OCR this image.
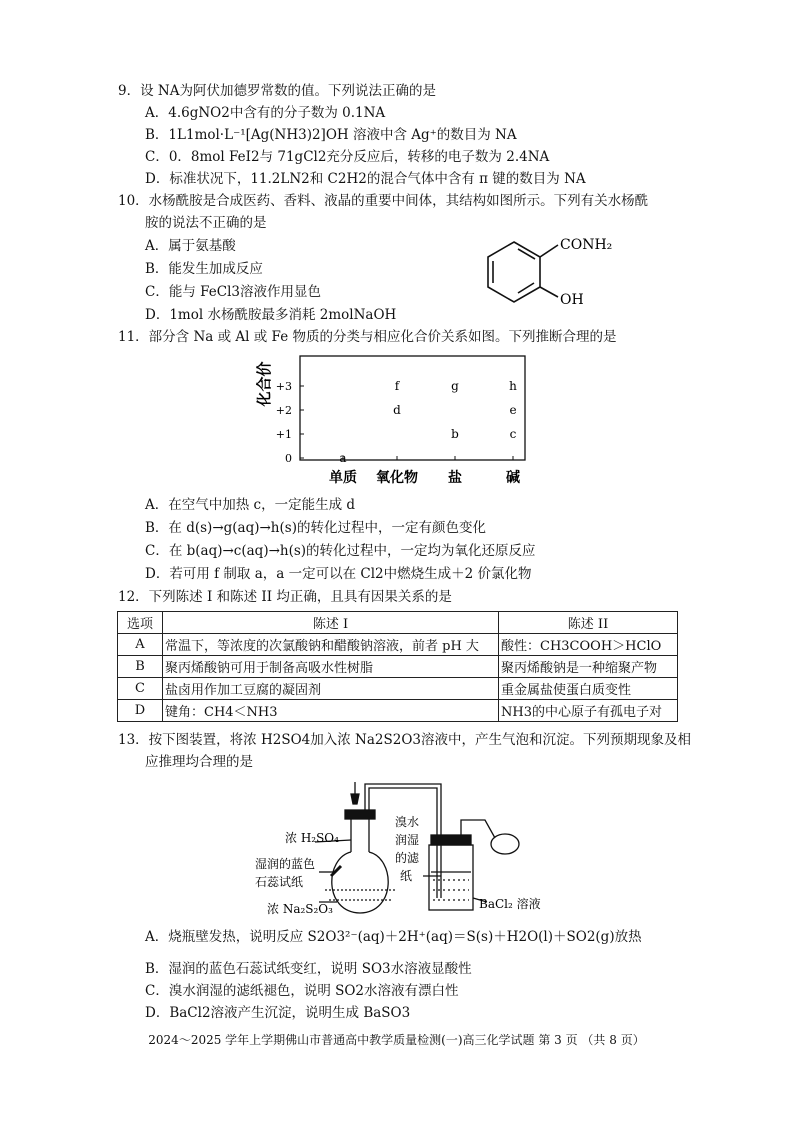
9．设 NA为阿伏加德罗常数的值。下列说法正确的是
A．4.6gNO2中含有的分子数为 0.1NA
B．1L1mol·L⁻¹[Ag(NH3)2]OH 溶液中含 Ag⁺的数目为 NA
C．0．8mol FeI2与 71gCl2充分反应后，转移的电子数为 2.4NA
D．标准状况下，11.2LN2和 C2H2的混合气体中含有 π 键的数目为 NA
10．水杨酰胺是合成医药、香料、液晶的重要中间体，其结构如图所示。下列有关水杨酰
胺的说法不正确的是
A．属于氨基酸
B．能发生加成反应
C．能与 FeCl3溶液作用显色
D．1mol 水杨酰胺最多消耗 2molNaOH
CONH₂
OH
11．部分含 Na 或 Al 或 Fe 物质的分类与相应化合价关系如图。下列推断合理的是
化合价 +3
+2
+1
0
单质 氧化物 盐	碱
a
f
d
g
b
h
e
c
A．在空气中加热 c，一定能生成 d
B．在 d(s)→g(aq)→h(s)的转化过程中，一定有颜色变化
C．在 b(aq)→c(aq)→h(s)的转化过程中，一定均为氧化还原反应
D．若可用 f 制取 a，a 一定可以在 Cl2中燃烧生成＋2 价氯化物
12．下列陈述 I 和陈述 II 均正确，且具有因果关系的是
选项	陈述 I	陈述 II
A	常温下，等浓度的次氯酸钠和醋酸钠溶液，前者 pH 大	酸性：CH3COOH＞HClO
B	聚丙烯酸钠可用于制备高吸水性树脂	聚丙烯酸钠是一种缩聚产物
C	盐卤用作加工豆腐的凝固剂	重金属盐使蛋白质变性
D	键角：CH4＜NH3	NH3的中心原子有孤电子对
13．按下图装置，将浓 H2SO4加入浓 Na2S2O3溶液中，产生气泡和沉淀。下列预期现象及相
应推理均合理的是
浓 H₂SO₄
湿润的蓝色
石蕊试纸
浓 Na₂S₂O₃
溴水
润湿
的滤
纸
BaCl₂ 溶液
A．烧瓶壁发热，说明反应 S2O3²⁻(aq)＋2H⁺(aq)＝S(s)＋H2O(l)＋SO2(g)放热
B．湿润的蓝色石蕊试纸变红，说明 SO3水溶液显酸性
C．溴水润湿的滤纸褪色，说明 SO2水溶液有漂白性
D．BaCl2溶液产生沉淀，说明生成 BaSO3
2024～2025 学年上学期佛山市普通高中教学质量检测(一)高三化学试题 第 3 页 （共 8 页）
